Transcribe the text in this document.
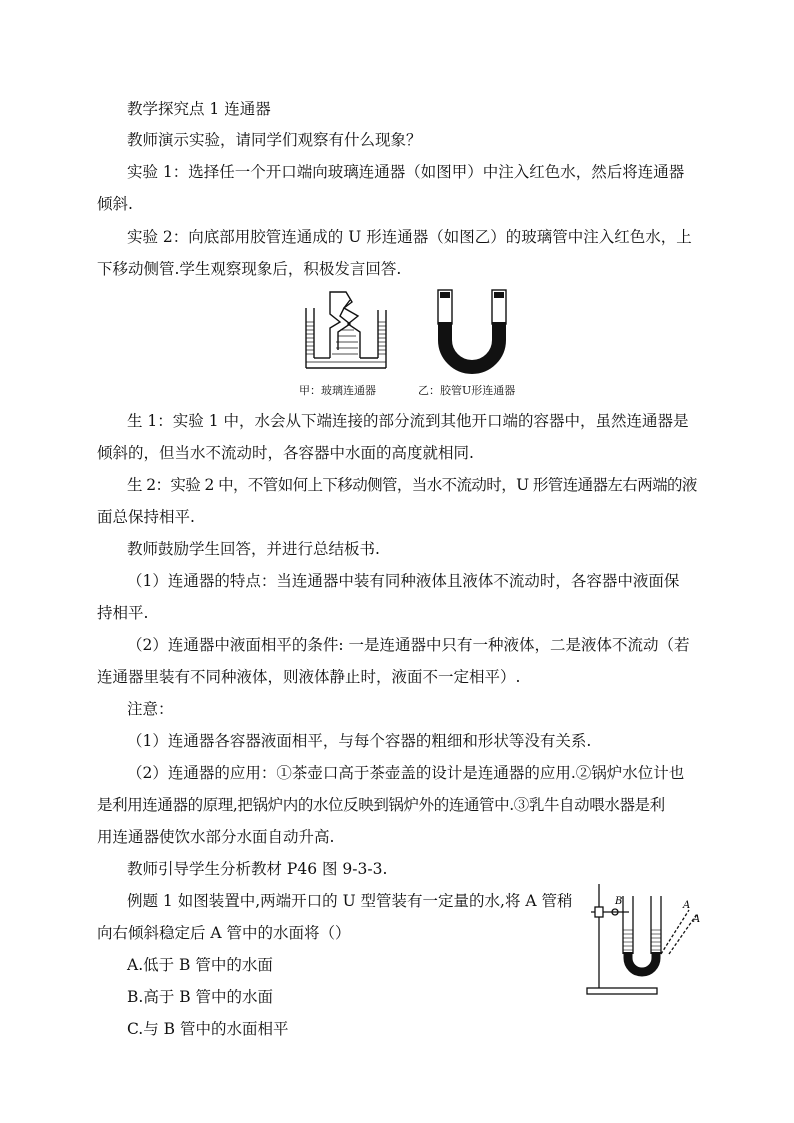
教学探究点 1 连通器
教师演示实验，请同学们观察有什么现象？
实验 1：选择任一个开口端向玻璃连通器（如图甲）中注入红色水，然后将连通器
倾斜.
实验 2：向底部用胶管连通成的 U 形连通器（如图乙）的玻璃管中注入红色水，上
下移动侧管.学生观察现象后，积极发言回答.
甲：玻璃连通器	乙：胶管U形连通器
生 1：实验 1 中，水会从下端连接的部分流到其他开口端的容器中，虽然连通器是
倾斜的，但当水不流动时，各容器中水面的高度就相同.
生 2：实验 2 中，不管如何上下移动侧管，当水不流动时，U 形管连通器左右两端的液
面总保持相平.
教师鼓励学生回答，并进行总结板书.
（1）连通器的特点：当连通器中装有同种液体且液体不流动时，各容器中液面保
持相平.
（2）连通器中液面相平的条件: 一是连通器中只有一种液体，二是液体不流动（若
连通器里装有不同种液体，则液体静止时，液面不一定相平）.
注意：
（1）连通器各容器液面相平，与每个容器的粗细和形状等没有关系.
（2）连通器的应用：①茶壶口高于茶壶盖的设计是连通器的应用.②锅炉水位计也
是利用连通器的原理,把锅炉内的水位反映到锅炉外的连通管中.③乳牛自动喂水器是利
用连通器使饮水部分水面自动升高.
教师引导学生分析教材 P46 图 9-3-3.
例题 1 如图装置中,两端开口的 U 型管装有一定量的水,将 A 管稍
向右倾斜稳定后 A 管中的水面将（）
A.低于 B 管中的水面
B.高于 B 管中的水面
C.与 B 管中的水面相平
B	A
A
